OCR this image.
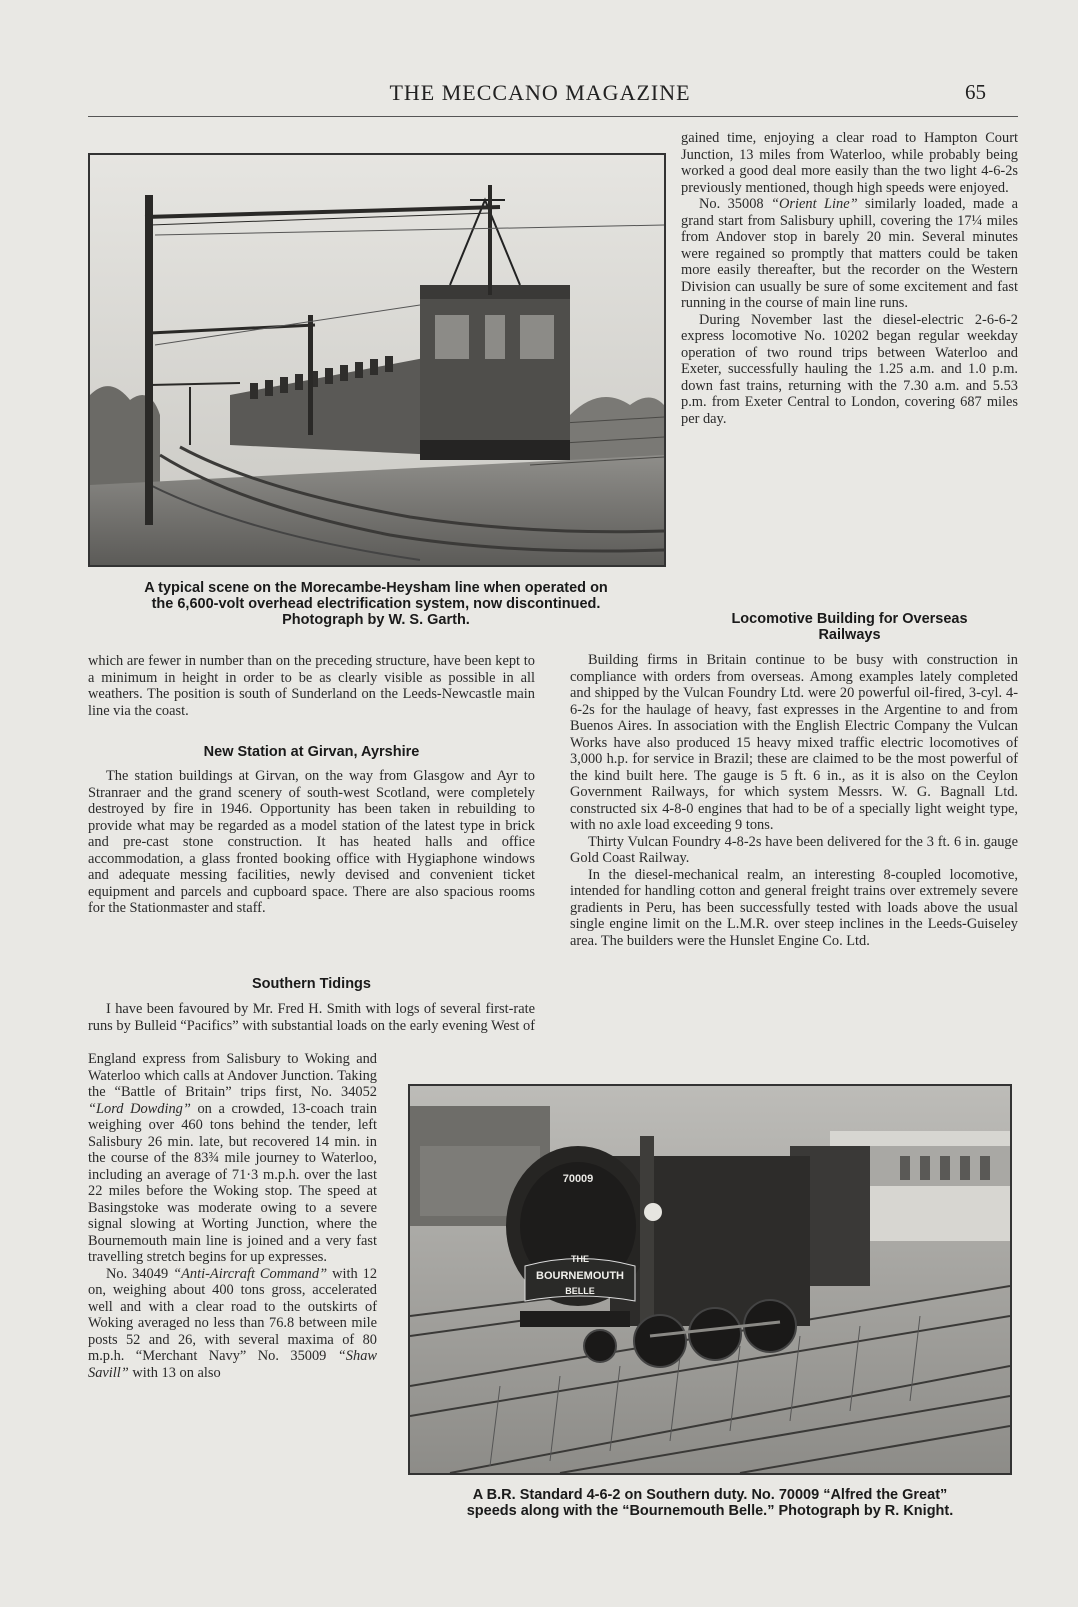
THE MECCANO MAGAZINE	65
A typical scene on the Morecambe-Heysham line when operated on
the 6,600-volt overhead electrification system, now discontinued.
Photograph by W. S. Garth.

gained time, enjoying a clear road to Hampton Court Junction, 13 miles from Waterloo, while probably being worked a good deal more easily than the two light 4-6-2s previously mentioned, though high speeds were enjoyed.

No. 35008 “Orient Line” similarly loaded, made a grand start from Salisbury uphill, covering the 17¼ miles from Andover stop in barely 20 min. Several minutes were regained so promptly that matters could be taken more easily thereafter, but the recorder on the Western Division can usually be sure of some excitement and fast running in the course of main line runs.

During November last the diesel-electric 2-6-6-2 express locomotive No. 10202 began regular weekday operation of two round trips between Waterloo and Exeter, successfully hauling the 1.25 a.m. and 1.0 p.m. down fast trains, returning with the 7.30 a.m. and 5.53 p.m. from Exeter Central to London, covering 687 miles per day.

Locomotive Building for Overseas
Railways

Building firms in Britain continue to be busy with construction in compliance with orders from overseas. Among examples lately completed and shipped by the Vulcan Foundry Ltd. were 20 powerful oil-fired, 3-cyl. 4-6-2s for the haulage of heavy, fast expresses in the Argentine to and from Buenos Aires. In association with the English Electric Company the Vulcan Works have also produced 15 heavy mixed traffic electric locomotives of 3,000 h.p. for service in Brazil; these are claimed to be the most powerful of the kind built here. The gauge is 5 ft. 6 in., as it is also on the Ceylon Government Railways, for which system Messrs. W. G. Bagnall Ltd. constructed six 4-8-0 engines that had to be of a specially light weight type, with no axle load exceeding 9 tons.

Thirty Vulcan Foundry 4-8-2s have been delivered for the 3 ft. 6 in. gauge Gold Coast Railway.

In the diesel-mechanical realm, an interesting 8-coupled locomotive, intended for handling cotton and general freight trains over extremely severe gradients in Peru, has been successfully tested with loads above the usual single engine limit on the L.M.R. over steep inclines in the Leeds-Guiseley area. The builders were the Hunslet Engine Co. Ltd.

which are fewer in number than on the preceding structure, have been kept to a minimum in height in order to be as clearly visible as possible in all weathers. The position is south of Sunderland on the Leeds-Newcastle main line via the coast.

New Station at Girvan, Ayrshire

The station buildings at Girvan, on the way from Glasgow and Ayr to Stranraer and the grand scenery of south-west Scotland, were completely destroyed by fire in 1946. Opportunity has been taken in rebuilding to provide what may be regarded as a model station of the latest type in brick and pre-cast stone construction. It has heated halls and office accommodation, a glass fronted booking office with Hygiaphone windows and adequate messing facilities, newly devised and convenient ticket equipment and parcels and cupboard space. There are also spacious rooms for the Stationmaster and staff.

Southern Tidings

I have been favoured by Mr. Fred H. Smith with logs of several first-rate runs by Bulleid “Pacifics” with substantial loads on the early evening West of

England express from Salisbury to Woking and Waterloo which calls at Andover Junction. Taking the “Battle of Britain” trips first, No. 34052 “Lord Dowding” on a crowded, 13-coach train weighing over 460 tons behind the tender, left Salisbury 26 min. late, but recovered 14 min. in the course of the 83¾ mile journey to Waterloo, including an average of 71·3 m.p.h. over the last 22 miles before the Woking stop. The speed at Basingstoke was moderate owing to a severe signal slowing at Worting Junction, where the Bournemouth main line is joined and a very fast travelling stretch begins for up expresses.

No. 34049 “Anti-Aircraft Command” with 12 on, weighing about 400 tons gross, accelerated well and with a clear road to the outskirts of Woking averaged no less than 76.8 between mile posts 52 and 26, with several maxima of 80 m.p.h. “Merchant Navy” No. 35009 “Shaw Savill” with 13 on also

70009
THE
BOURNEMOUTH
BELLE
A B.R. Standard 4-6-2 on Southern duty. No. 70009 “Alfred the Great”
speeds along with the “Bournemouth Belle.” Photograph by R. Knight.
